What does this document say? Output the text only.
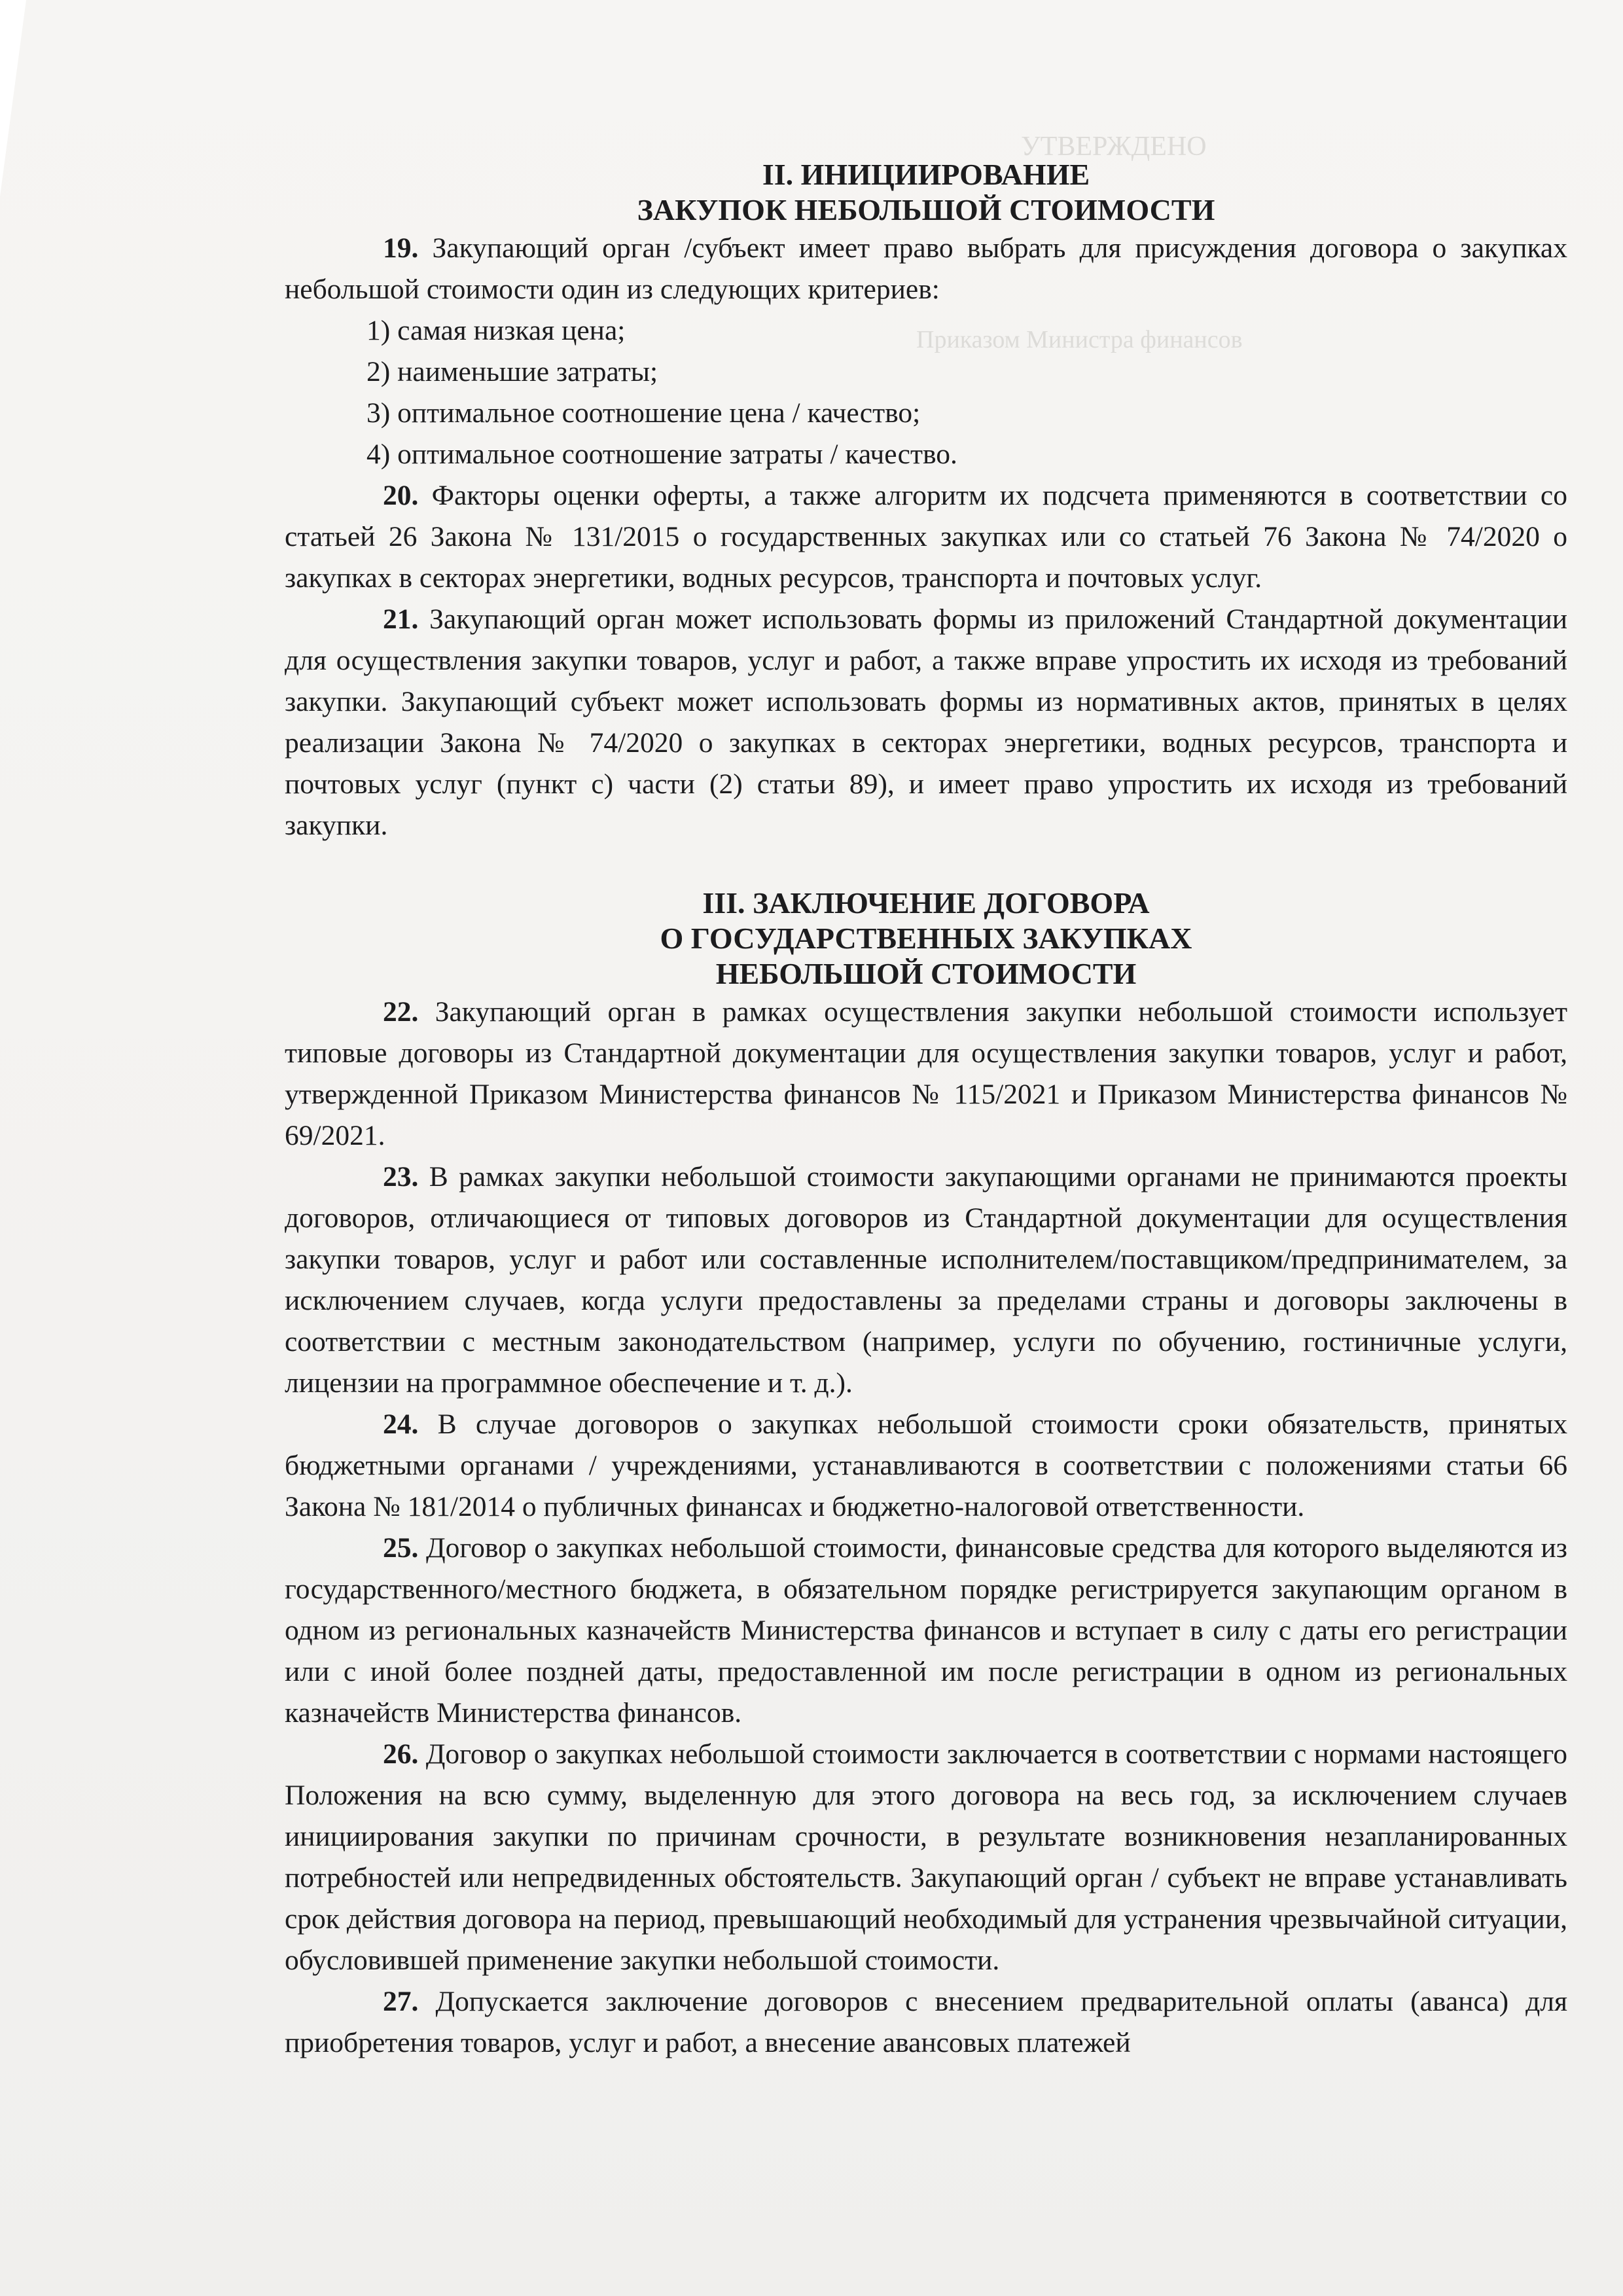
УТВЕРЖДЕНО
Приказом Министра финансов
II. ИНИЦИИРОВАНИЕ
ЗАКУПОК НЕБОЛЬШОЙ СТОИМОСТИ

19. Закупающий орган /субъект имеет право выбрать для присуждения договора о закупках небольшой стоимости один из следующих критериев:

1) самая низкая цена;
2) наименьшие затраты;
3) оптимальное соотношение цена / качество;
4) оптимальное соотношение затраты / качество.

20. Факторы оценки оферты, а также алгоритм их подсчета применяются в соответствии со статьей 26 Закона № 131/2015 о государственных закупках или со статьей 76 Закона № 74/2020 о закупках в секторах энергетики, водных ресурсов, транспорта и почтовых услуг.

21. Закупающий орган может использовать формы из приложений Стандартной документации для осуществления закупки товаров, услуг и работ, а также вправе упростить их исходя из требований закупки. Закупающий субъект может использовать формы из нормативных актов, принятых в целях реализации Закона № 74/2020 о закупках в секторах энергетики, водных ресурсов, транспорта и почтовых услуг (пункт c) части (2) статьи 89), и имеет право упростить их исходя из требований закупки.

III. ЗАКЛЮЧЕНИЕ ДОГОВОРА
О ГОСУДАРСТВЕННЫХ ЗАКУПКАХ
НЕБОЛЬШОЙ СТОИМОСТИ

22. Закупающий орган в рамках осуществления закупки небольшой стоимости использует типовые договоры из Стандартной документации для осуществления закупки товаров, услуг и работ, утвержденной Приказом Министерства финансов № 115/2021 и Приказом Министерства финансов № 69/2021.

23. В рамках закупки небольшой стоимости закупающими органами не принимаются проекты договоров, отличающиеся от типовых договоров из Стандартной документации для осуществления закупки товаров, услуг и работ или составленные исполнителем/поставщиком/предпринимателем, за исключением случаев, когда услуги предоставлены за пределами страны и договоры заключены в соответствии с местным законодательством (например, услуги по обучению, гостиничные услуги, лицензии на программное обеспечение и т. д.).

24. В случае договоров о закупках небольшой стоимости сроки обязательств, принятых бюджетными органами / учреждениями, устанавливаются в соответствии с положениями статьи 66 Закона № 181/2014 о публичных финансах и бюджетно-налоговой ответственности.

25. Договор о закупках небольшой стоимости, финансовые средства для которого выделяются из государственного/местного бюджета, в обязательном порядке регистрируется закупающим органом в одном из региональных казначейств Министерства финансов и вступает в силу с даты его регистрации или с иной более поздней даты, предоставленной им после регистрации в одном из региональных казначейств Министерства финансов.

26. Договор о закупках небольшой стоимости заключается в соответствии с нормами настоящего Положения на всю сумму, выделенную для этого договора на весь год, за исключением случаев инициирования закупки по причинам срочности, в результате возникновения незапланированных потребностей или непредвиденных обстоятельств. Закупающий орган / субъект не вправе устанавливать срок действия договора на период, превышающий необходимый для устранения чрезвычайной ситуации, обусловившей применение закупки небольшой стоимости.

27. Допускается заключение договоров с внесением предварительной оплаты (аванса) для приобретения товаров, услуг и работ, а внесение авансовых платежей
